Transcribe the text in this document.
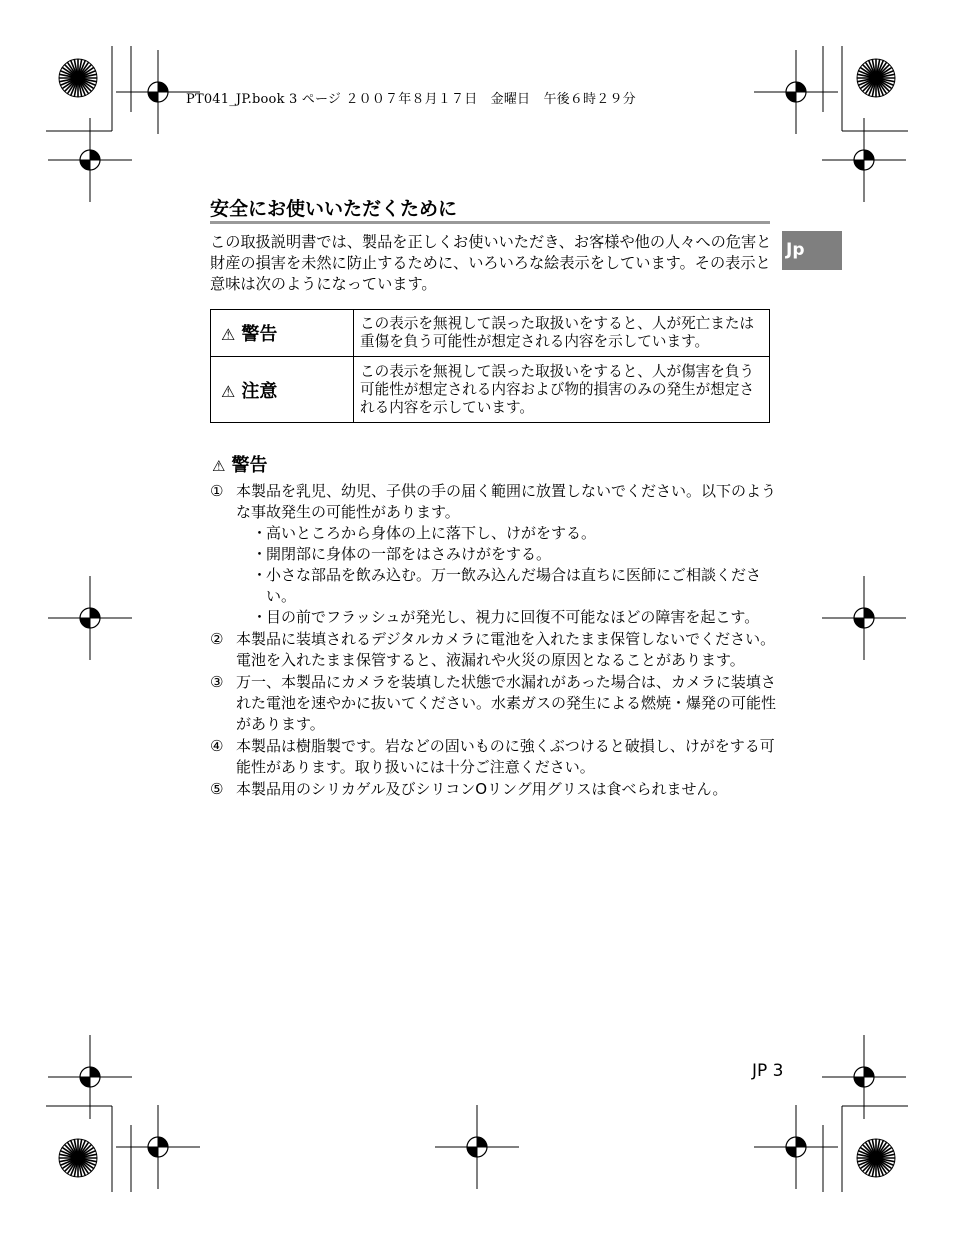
PT041_JP.book 3 ページ ２００７年８月１７日　金曜日　午後６時２９分
安全にお使いいただくために
Jp

この取扱説明書では、製品を正しくお使いいただき、お客様や他の人々への危害と財産の損害を未然に防止するために、いろいろな絵表示をしています。その表示と意味は次のようになっています。

⚠ 警告	この表示を無視して誤った取扱いをすると、人が死亡または重傷を負う可能性が想定される内容を示しています。
⚠ 注意	この表示を無視して誤った取扱いをすると、人が傷害を負う可能性が想定される内容および物的損害のみの発生が想定される内容を示しています。
⚠ 警告
① 本製品を乳児、幼児、子供の手の届く範囲に放置しないでください。以下のような事故発生の可能性があります。
・
高いところから身体の上に落下し、けがをする。
・
開閉部に身体の一部をはさみけがをする。
・
小さな部品を飲み込む。万一飲み込んだ場合は直ちに医師にご相談ください。
・
目の前でフラッシュが発光し、視力に回復不可能なほどの障害を起こす。
② 本製品に装填されるデジタルカメラに電池を入れたまま保管しないでください。電池を入れたまま保管すると、液漏れや火災の原因となることがあります。
③ 万一、本製品にカメラを装填した状態で水漏れがあった場合は、カメラに装填された電池を速やかに抜いてください。水素ガスの発生による燃焼・爆発の可能性があります。
④ 本製品は樹脂製です。岩などの固いものに強くぶつけると破損し、けがをする可能性があります。取り扱いには十分ご注意ください。
⑤ 本製品用のシリカゲル及びシリコンOリング用グリスは食べられません。
JP 3
